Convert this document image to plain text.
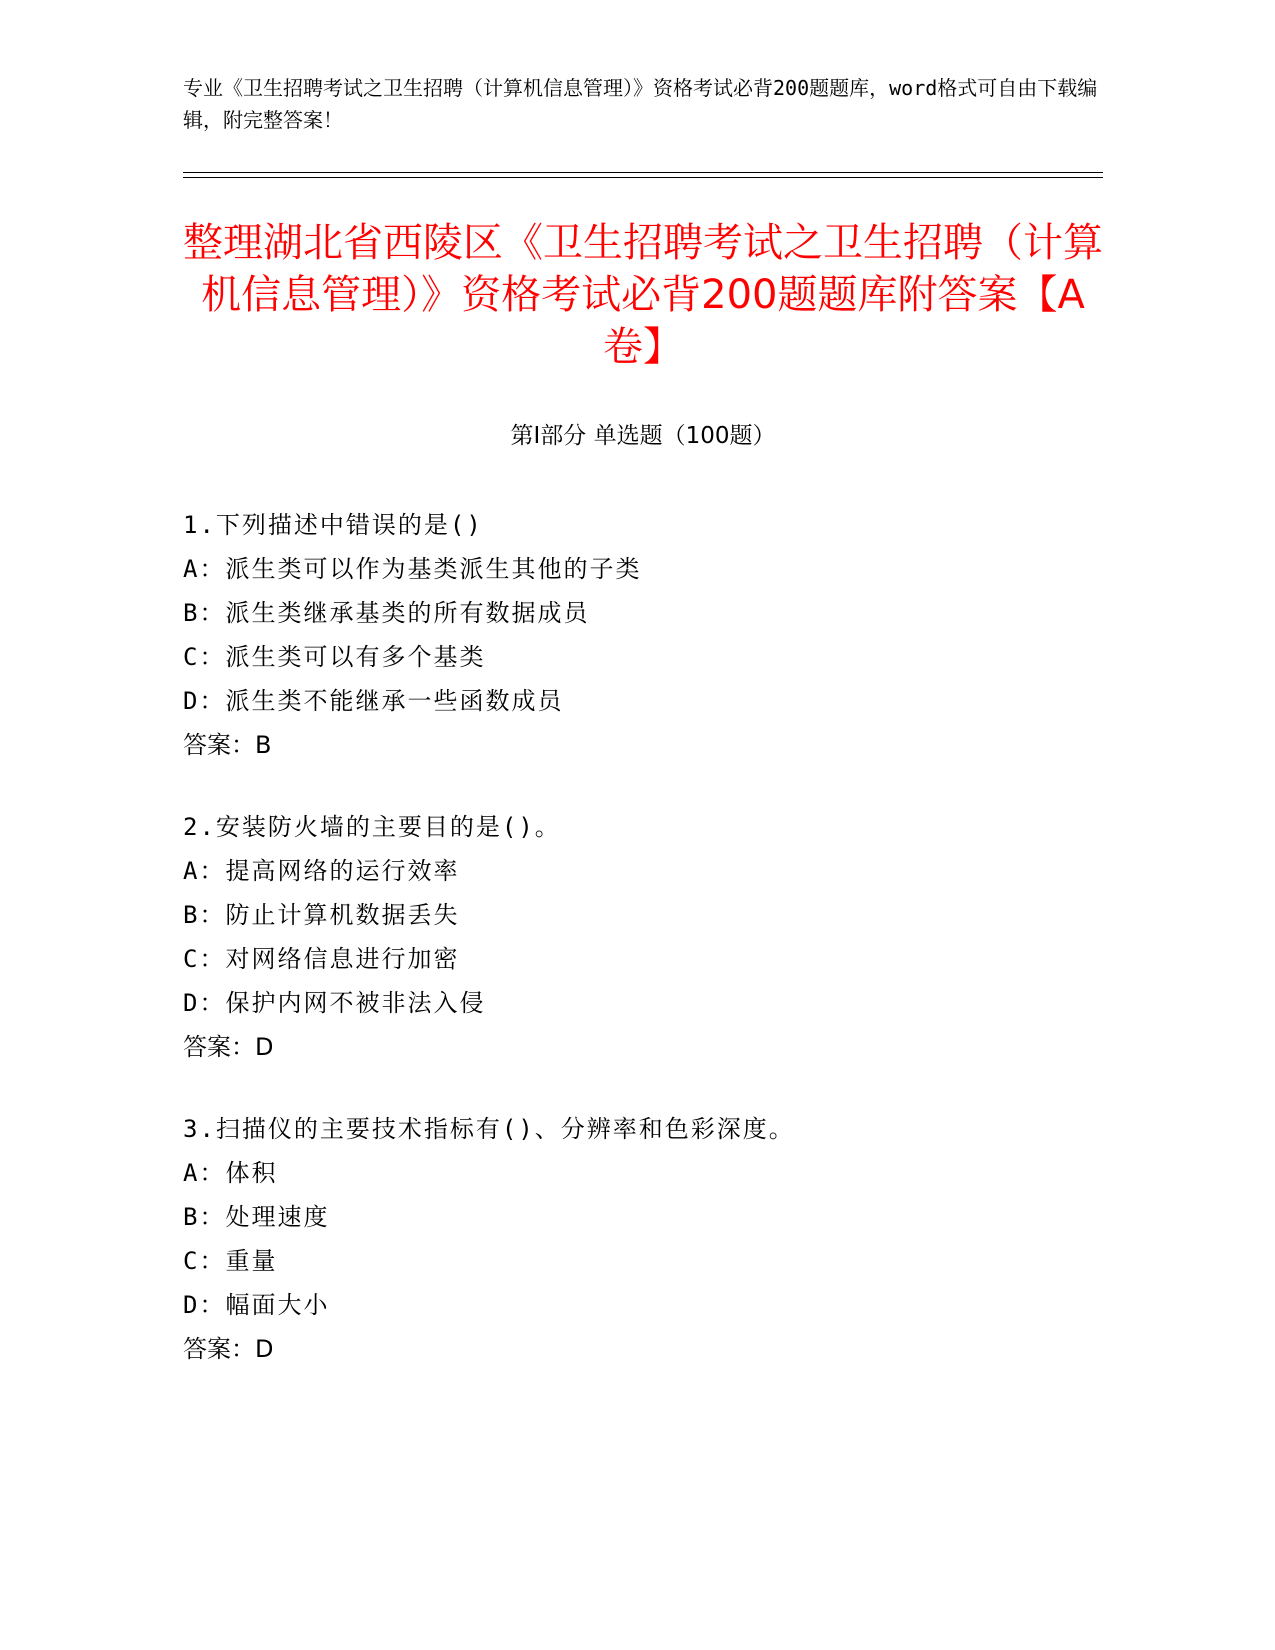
专业《卫生招聘考试之卫生招聘（计算机信息管理）》资格考试必背200题题库，word格式可自由下载编辑，附完整答案！
整理湖北省西陵区《卫生招聘考试之卫生招聘（计算机信息管理）》资格考试必背200题题库附答案【A卷】
第Ⅰ部分 单选题（100题）
1.下列描述中错误的是()
A：派生类可以作为基类派生其他的子类
B：派生类继承基类的所有数据成员
C：派生类可以有多个基类
D：派生类不能继承一些函数成员
答案：B
2.安装防火墙的主要目的是()。
A：提高网络的运行效率
B：防止计算机数据丢失
C：对网络信息进行加密
D：保护内网不被非法入侵
答案：D
3.扫描仪的主要技术指标有()、分辨率和色彩深度。
A：体积
B：处理速度
C：重量
D：幅面大小
答案：D
